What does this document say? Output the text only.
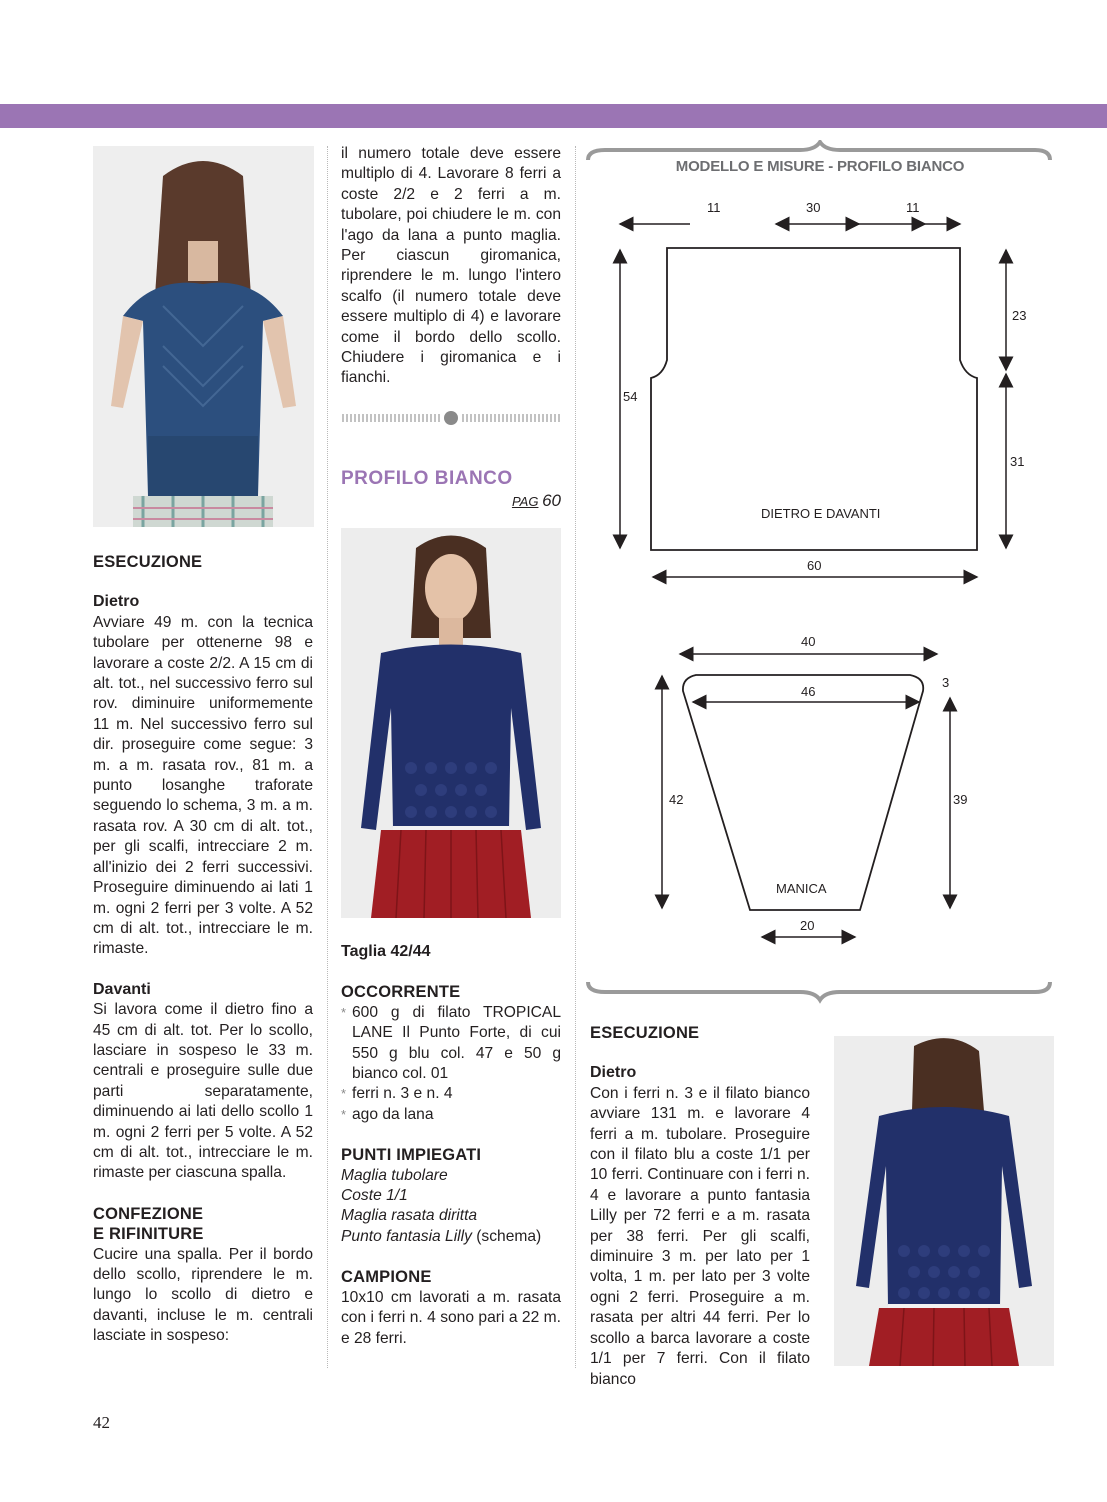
ESECUZIONE

Dietro

Avviare 49 m. con la tecnica tubolare per ottenerne 98 e lavorare a coste 2/2. A 15 cm di alt. tot., nel successivo ferro sul rov. diminuire uniformemente 11 m. Nel successivo ferro sul dir. proseguire come segue: 3 m. a m. rasata rov., 81 m. a punto losanghe traforate seguendo lo schema, 3 m. a m. rasata rov. A 30 cm di alt. tot., per gli scalfi, intrecciare 2 m. all'inizio dei 2 ferri successivi. Proseguire diminuendo ai lati 1 m. ogni 2 ferri per 3 volte. A 52 cm di alt. tot., intrecciare le m. rimaste.

Davanti

Si lavora come il dietro fino a 45 cm di alt. tot. Per lo scollo, lasciare in sospeso le 33 m. centrali e proseguire sulle due parti separatamente, diminuendo ai lati dello scollo 1 m. ogni 2 ferri per 5 volte. A 52 cm di alt. tot., intrecciare le m. rimaste per ciascuna spalla.

CONFEZIONE

E RIFINITURE

Cucire una spalla. Per il bordo dello scollo, riprendere le m. lungo lo scollo di dietro e davanti, incluse le m. centrali lasciate in sospeso:

il numero totale deve essere multiplo di 4. Lavorare 8 ferri a coste 2/2 e 2 ferri a m. tubolare, poi chiudere le m. con l'ago da lana a punto maglia. Per ciascun giromanica, riprendere le m. lungo l'intero scalfo (il numero totale deve essere multiplo di 4) e lavorare come il bordo dello scollo. Chiudere i giromanica e i fianchi.

PROFILO BIANCO
PAG 60

Taglia 42/44

OCCORRENTE

* 600 g di filato TROPICAL LANE Il Punto Forte, di cui 550 g blu col. 47 e 50 g bianco col. 01
* ferri n. 3 e n. 4
* ago da lana

PUNTI IMPIEGATI

Maglia tubolare

Coste 1/1

Maglia rasata diritta

Punto fantasia Lilly (schema)

CAMPIONE

10x10 cm lavorati a m. rasata con i ferri n. 4 sono pari a 22 m. e 28 ferri.

MODELLO E MISURE - PROFILO BIANCO
11	30	11
23
31
54
DIETRO E DAVANTI
60
40
3
46
42	39
MANICA
20

ESECUZIONE

Dietro

Con i ferri n. 3 e il filato bianco avviare 131 m. e lavorare 4 ferri a m. tubolare. Proseguire con il filato blu a coste 1/1 per 10 ferri. Continuare con i ferri n. 4 e lavorare a punto fantasia Lilly per 72 ferri e a m. rasata per 38 ferri. Per gli scalfi, diminuire 3 m. per lato per 1 volta, 1 m. per lato per 3 volte ogni 2 ferri. Proseguire a m. rasata per altri 44 ferri. Per lo scollo a barca lavorare a coste 1/1 per 7 ferri. Con il filato bianco

42
